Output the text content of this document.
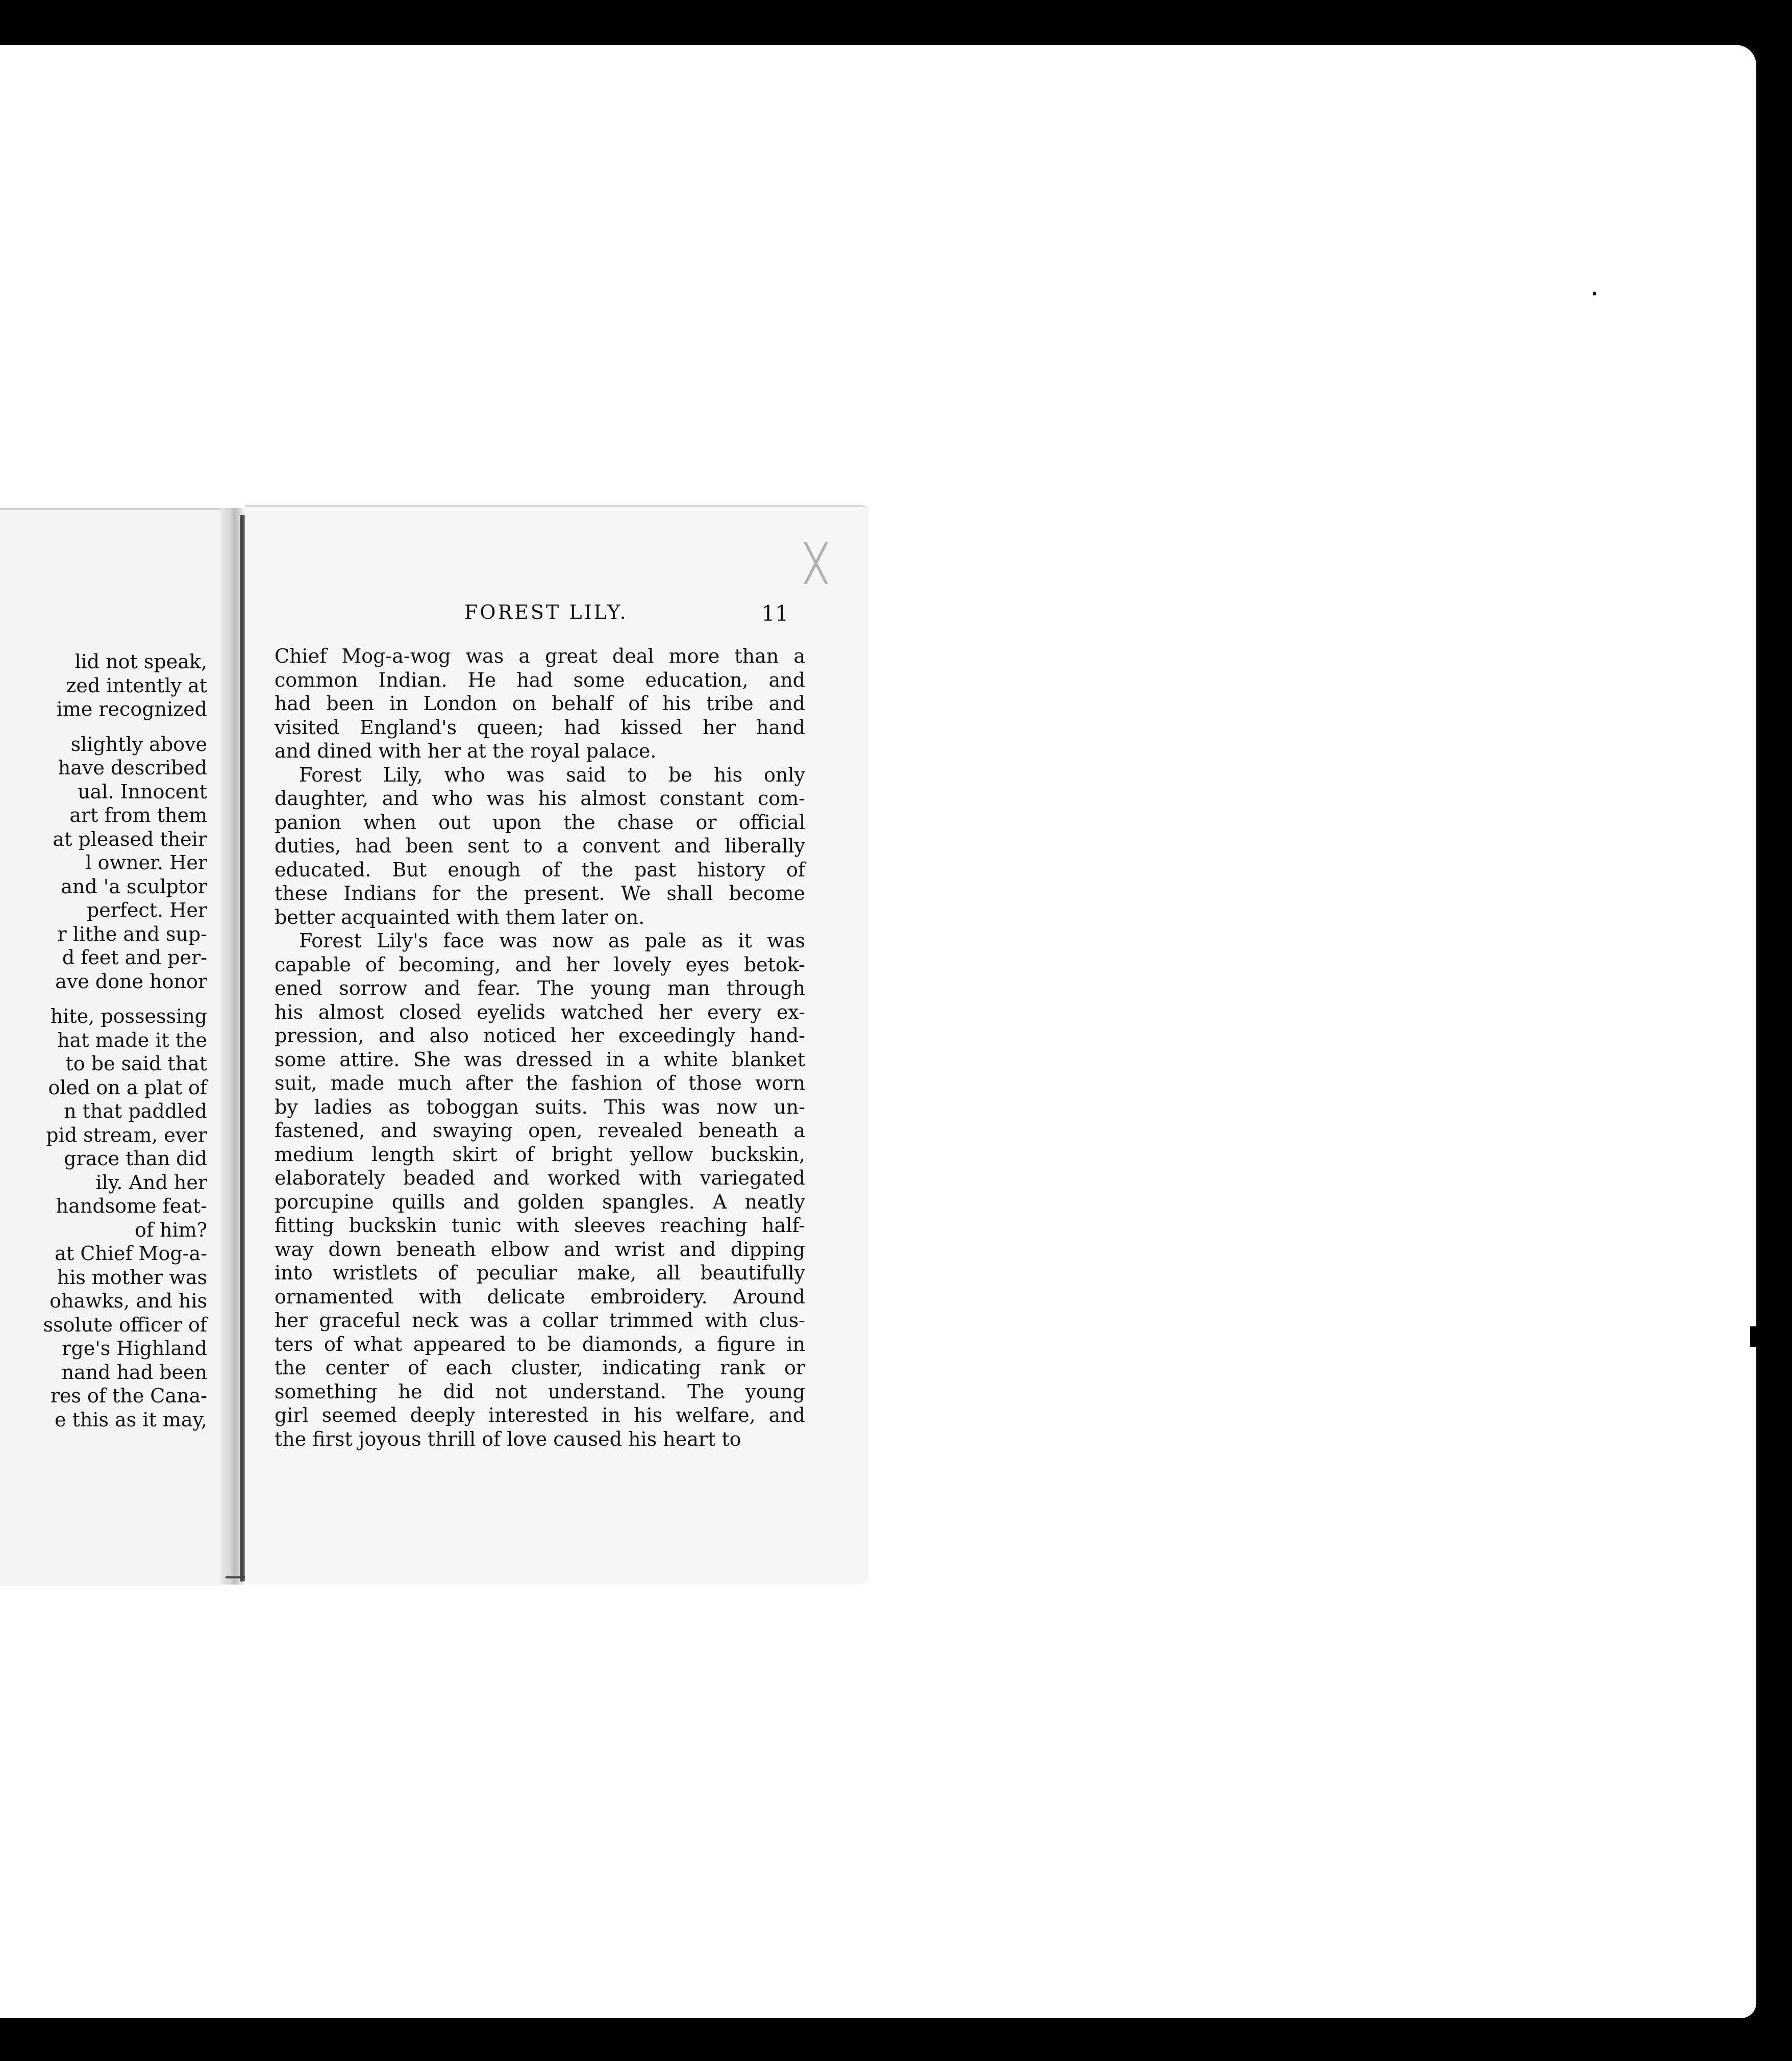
lid not speak,
zed intently at
ime recognized
slightly above
have described
ual. Innocent
art from them
at pleased their
l owner. Her
and 'a sculptor
perfect. Her
r lithe and sup-
d feet and per-
ave done honor
hite, possessing
hat made it the
to be said that
oled on a plat of
n that paddled
pid stream, ever
grace than did
ily. And her
handsome feat-
of him?
at Chief Mog-a-
his mother was
ohawks, and his
ssolute officer of
rge's Highland
nand had been
res of the Cana-
e this as it may,
FOREST LILY.	11
╳
Chief Mog-a-wog was a great deal more than a
common Indian. He had some education, and
had been in London on behalf of his tribe and
visited England's queen; had kissed her hand
and dined with her at the royal palace.
Forest Lily, who was said to be his only
daughter, and who was his almost constant com-
panion when out upon the chase or official
duties, had been sent to a convent and liberally
educated. But enough of the past history of
these Indians for the present. We shall become
better acquainted with them later on.
Forest Lily's face was now as pale as it was
capable of becoming, and her lovely eyes betok-
ened sorrow and fear. The young man through
his almost closed eyelids watched her every ex-
pression, and also noticed her exceedingly hand-
some attire. She was dressed in a white blanket
suit, made much after the fashion of those worn
by ladies as toboggan suits. This was now un-
fastened, and swaying open, revealed beneath a
medium length skirt of bright yellow buckskin,
elaborately beaded and worked with variegated
porcupine quills and golden spangles. A neatly
fitting buckskin tunic with sleeves reaching half-
way down beneath elbow and wrist and dipping
into wristlets of peculiar make, all beautifully
ornamented with delicate embroidery. Around
her graceful neck was a collar trimmed with clus-
ters of what appeared to be diamonds, a figure in
the center of each cluster, indicating rank or
something he did not understand. The young
girl seemed deeply interested in his welfare, and
the first joyous thrill of love caused his heart to
